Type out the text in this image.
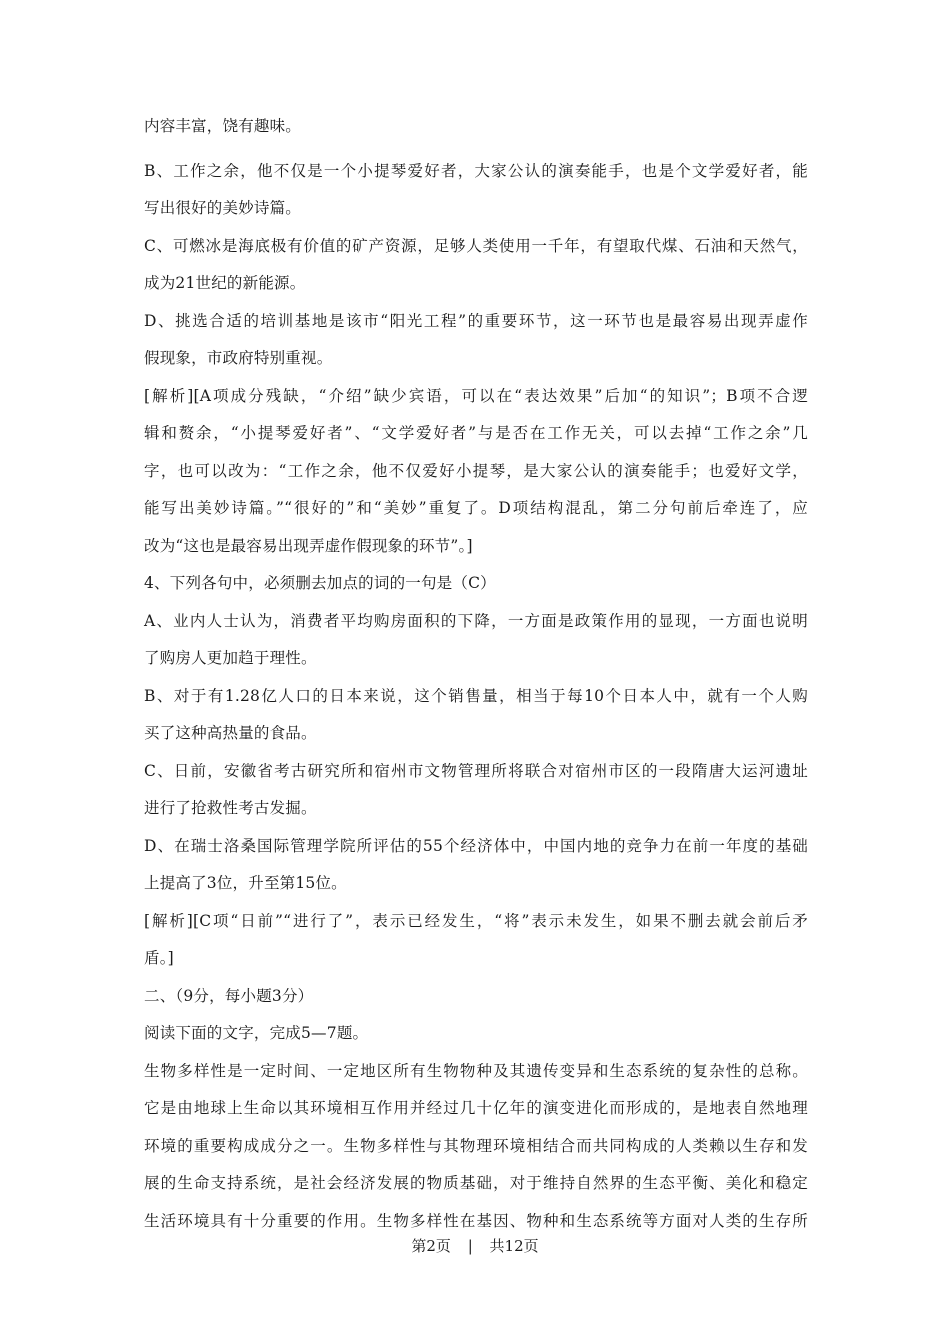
内容丰富，饶有趣味。
B、工作之余，他不仅是一个小提琴爱好者，大家公认的演奏能手，也是个文学爱好者，能
写出很好的美妙诗篇。
C、可燃冰是海底极有价值的矿产资源，足够人类使用一千年，有望取代煤、石油和天然气，
成为21世纪的新能源。
D、挑选合适的培训基地是该市“阳光工程”的重要环节，这一环节也是最容易出现弄虚作
假现象，市政府特别重视。
[解析][A项成分残缺，“介绍”缺少宾语，可以在“表达效果”后加“的知识”；B项不合逻
辑和赘余，“小提琴爱好者”、“文学爱好者”与是否在工作无关，可以去掉“工作之余”几
字，也可以改为：“工作之余，他不仅爱好小提琴，是大家公认的演奏能手；也爱好文学，
能写出美妙诗篇。”“很好的”和“美妙”重复了。D项结构混乱，第二分句前后牵连了，应
改为“这也是最容易出现弄虚作假现象的环节”。]
4、下列各句中，必须删去加点的词的一句是（C）
A、业内人士认为，消费者平均购房面积的下降，一方面是政策作用的显现，一方面也说明
了购房人更加趋于理性。
B、对于有1.28亿人口的日本来说，这个销售量，相当于每10个日本人中，就有一个人购
买了这种高热量的食品。
C、日前，安徽省考古研究所和宿州市文物管理所将联合对宿州市区的一段隋唐大运河遗址
进行了抢救性考古发掘。
D、在瑞士洛桑国际管理学院所评估的55个经济体中，中国内地的竞争力在前一年度的基础
上提高了3位，升至第15位。
[解析][C项“日前”“进行了”，表示已经发生，“将”表示未发生，如果不删去就会前后矛
盾。]
二、（9分，每小题3分）
阅读下面的文字，完成5—7题。
生物多样性是一定时间、一定地区所有生物物种及其遗传变异和生态系统的复杂性的总称。
它是由地球上生命以其环境相互作用并经过几十亿年的演变进化而形成的，是地表自然地理
环境的重要构成成分之一。生物多样性与其物理环境相结合而共同构成的人类赖以生存和发
展的生命支持系统，是社会经济发展的物质基础，对于维持自然界的生态平衡、美化和稳定
生活环境具有十分重要的作用。生物多样性在基因、物种和生态系统等方面对人类的生存所
第2页 | 共12页
